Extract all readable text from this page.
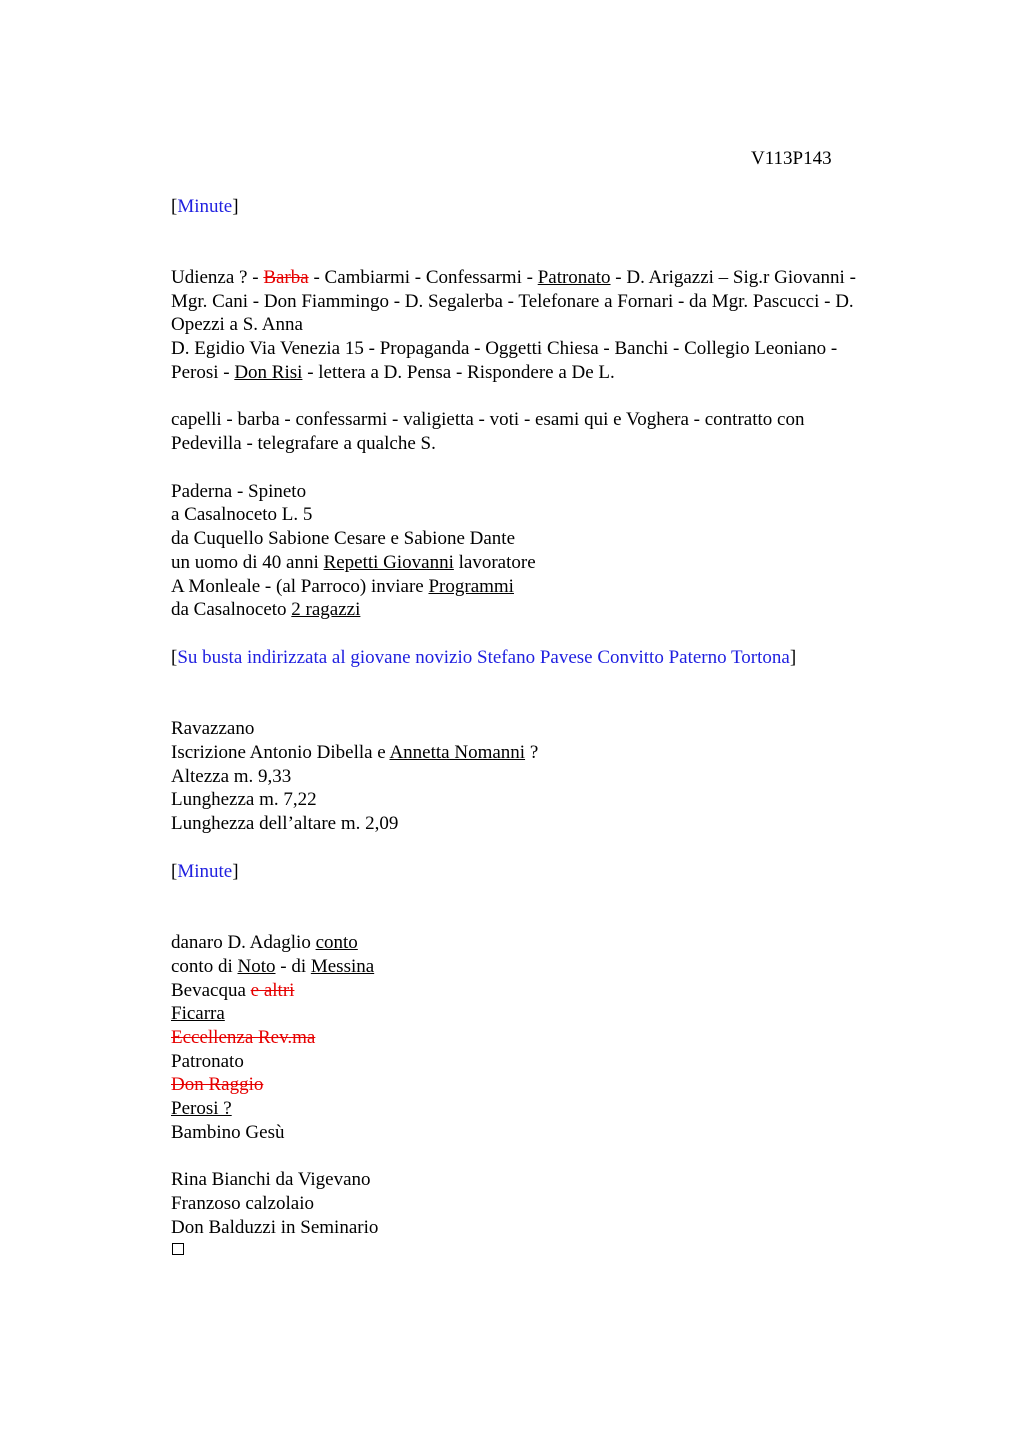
V113P143
[Minute]
Udienza ? - Barba - Cambiarmi - Confessarmi - Patronato - D. Arigazzi – Sig.r Giovanni -
Mgr. Cani - Don Fiammingo - D. Segalerba - Telefonare a Fornari - da Mgr. Pascucci - D.
Opezzi a S. Anna
D. Egidio Via Venezia 15 - Propaganda - Oggetti Chiesa - Banchi - Collegio Leoniano -
Perosi - Don Risi - lettera a D. Pensa - Rispondere a De L.
capelli - barba - confessarmi - valigietta - voti - esami qui e Voghera - contratto con
Pedevilla - telegrafare a qualche S.
Paderna - Spineto
a Casalnoceto L. 5
da Cuquello Sabione Cesare e Sabione Dante
un uomo di 40 anni Repetti Giovanni lavoratore
A Monleale - (al Parroco) inviare Programmi
da Casalnoceto 2 ragazzi
[Su busta indirizzata al giovane novizio Stefano Pavese Convitto Paterno Tortona]
Ravazzano
Iscrizione Antonio Dibella e Annetta Nomanni ?
Altezza m. 9,33
Lunghezza m. 7,22
Lunghezza dell’altare m. 2,09
[Minute]
danaro D. Adaglio conto
conto di Noto - di Messina
Bevacqua e altri
Ficarra
Eccellenza Rev.ma
Patronato
Don Raggio
Perosi ?
Bambino Gesù
Rina Bianchi da Vigevano
Franzoso calzolaio
Don Balduzzi in Seminario
